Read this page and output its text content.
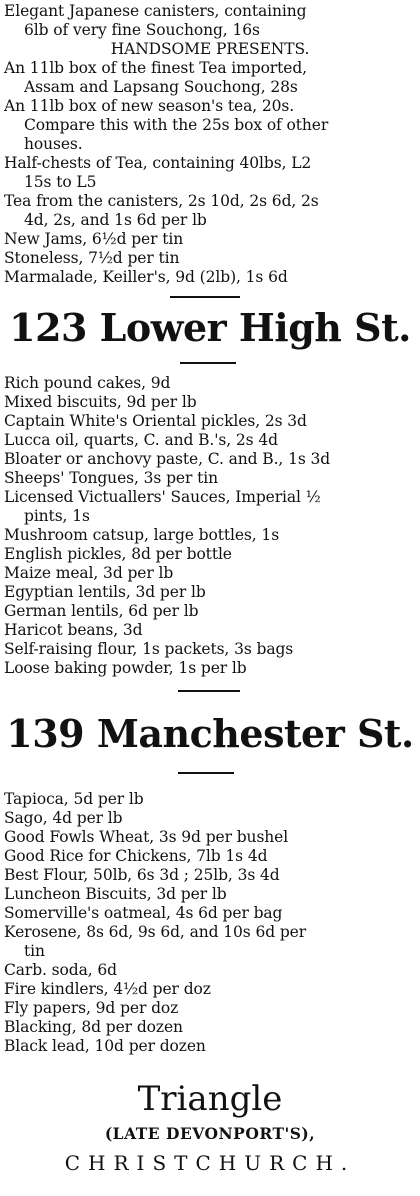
Elegant Japanese canisters, containing
6lb of very fine Souchong, 16s
HANDSOME PRESENTS.
An 11lb box of the finest Tea imported,
Assam and Lapsang Souchong, 28s
An 11lb box of new season's tea, 20s.
Compare this with the 25s box of other
houses.
Half-chests of Tea, containing 40lbs, L2
15s to L5
Tea from the canisters, 2s 10d, 2s 6d, 2s
4d, 2s, and 1s 6d per lb
New Jams, 6½d per tin
Stoneless, 7½d per tin
Marmalade, Keiller's, 9d (2lb), 1s 6d
123 Lower High St.
Rich pound cakes, 9d
Mixed biscuits, 9d per lb
Captain White's Oriental pickles, 2s 3d
Lucca oil, quarts, C. and B.'s, 2s 4d
Bloater or anchovy paste, C. and B., 1s 3d
Sheeps' Tongues, 3s per tin
Licensed Victuallers' Sauces, Imperial ½
pints, 1s
Mushroom catsup, large bottles, 1s
English pickles, 8d per bottle
Maize meal, 3d per lb
Egyptian lentils, 3d per lb
German lentils, 6d per lb
Haricot beans, 3d
Self-raising flour, 1s packets, 3s bags
Loose baking powder, 1s per lb
139 Manchester St.
Tapioca, 5d per lb
Sago, 4d per lb
Good Fowls Wheat, 3s 9d per bushel
Good Rice for Chickens, 7lb 1s 4d
Best Flour, 50lb, 6s 3d ; 25lb, 3s 4d
Luncheon Biscuits, 3d per lb
Somerville's oatmeal, 4s 6d per bag
Kerosene, 8s 6d, 9s 6d, and 10s 6d per
tin
Carb. soda, 6d
Fire kindlers, 4½d per doz
Fly papers, 9d per doz
Blacking, 8d per dozen
Black lead, 10d per dozen
Triangle
(LATE DEVONPORT'S),
CHRISTCHURCH.
